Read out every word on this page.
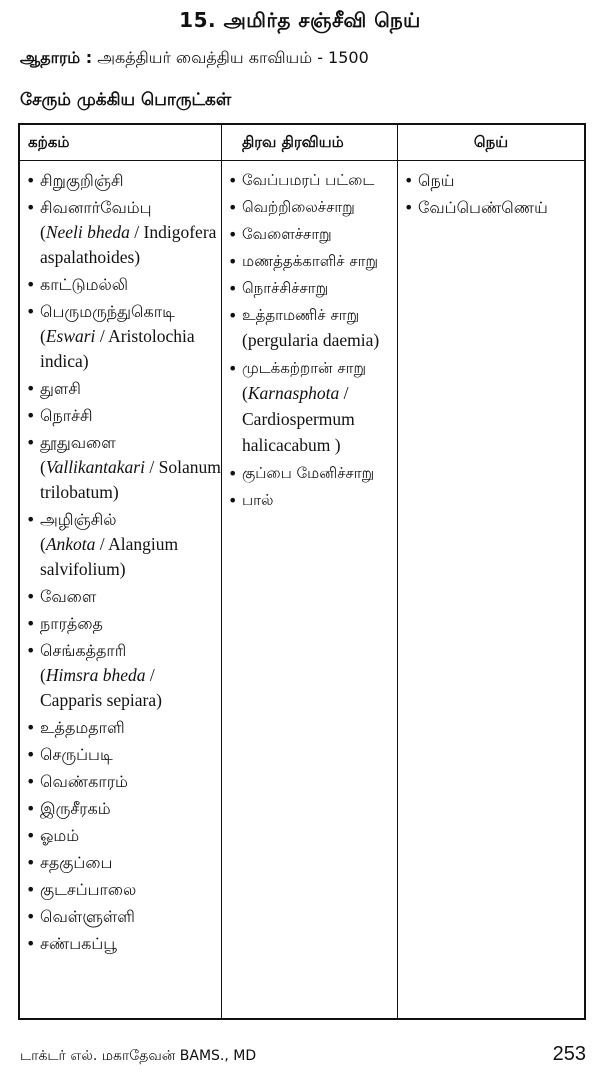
15. அமிர்த சஞ்சீவி நெய்
ஆதாரம் : அகத்தியர் வைத்திய காவியம் - 1500
சேரும் முக்கிய பொருட்கள்
கற்கம்
• சிறுகுறிஞ்சி
• சிவனார்வேம்பு
(Neeli bheda / Indigofera aspalathoides)
• காட்டுமல்லி
• பெருமருந்துகொடி
(Eswari / Aristolochia indica)
• துளசி
• நொச்சி
• தூதுவளை
(Vallikantakari / Solanum trilobatum)
• அழிஞ்சில்
(Ankota / Alangium salvifolium)
• வேளை
• நாரத்தை
• செங்கத்தாரி
(Himsra bheda / Capparis sepiara)
• உத்தமதாளி
• செருப்படி
• வெண்காரம்
• இருசீரகம்
• ஓமம்
• சதகுப்பை
• குடசப்பாலை
• வெள்ளுள்ளி
• சண்பகப்பூ
திரவ திரவியம்
• வேப்பமரப் பட்டை
• வெற்றிலைச்சாறு
• வேளைச்சாறு
• மணத்தக்காளிச் சாறு
• நொச்சிச்சாறு
• உத்தாமணிச் சாறு
(pergularia daemia)
• முடக்கற்றான் சாறு
(Karnasphota / Cardiospermum halicacabum )
• குப்பை மேனிச்சாறு
• பால்
நெய்
• நெய்
• வேப்பெண்ணெய்
டாக்டர் எல். மகாதேவன் BAMS., MD	253
